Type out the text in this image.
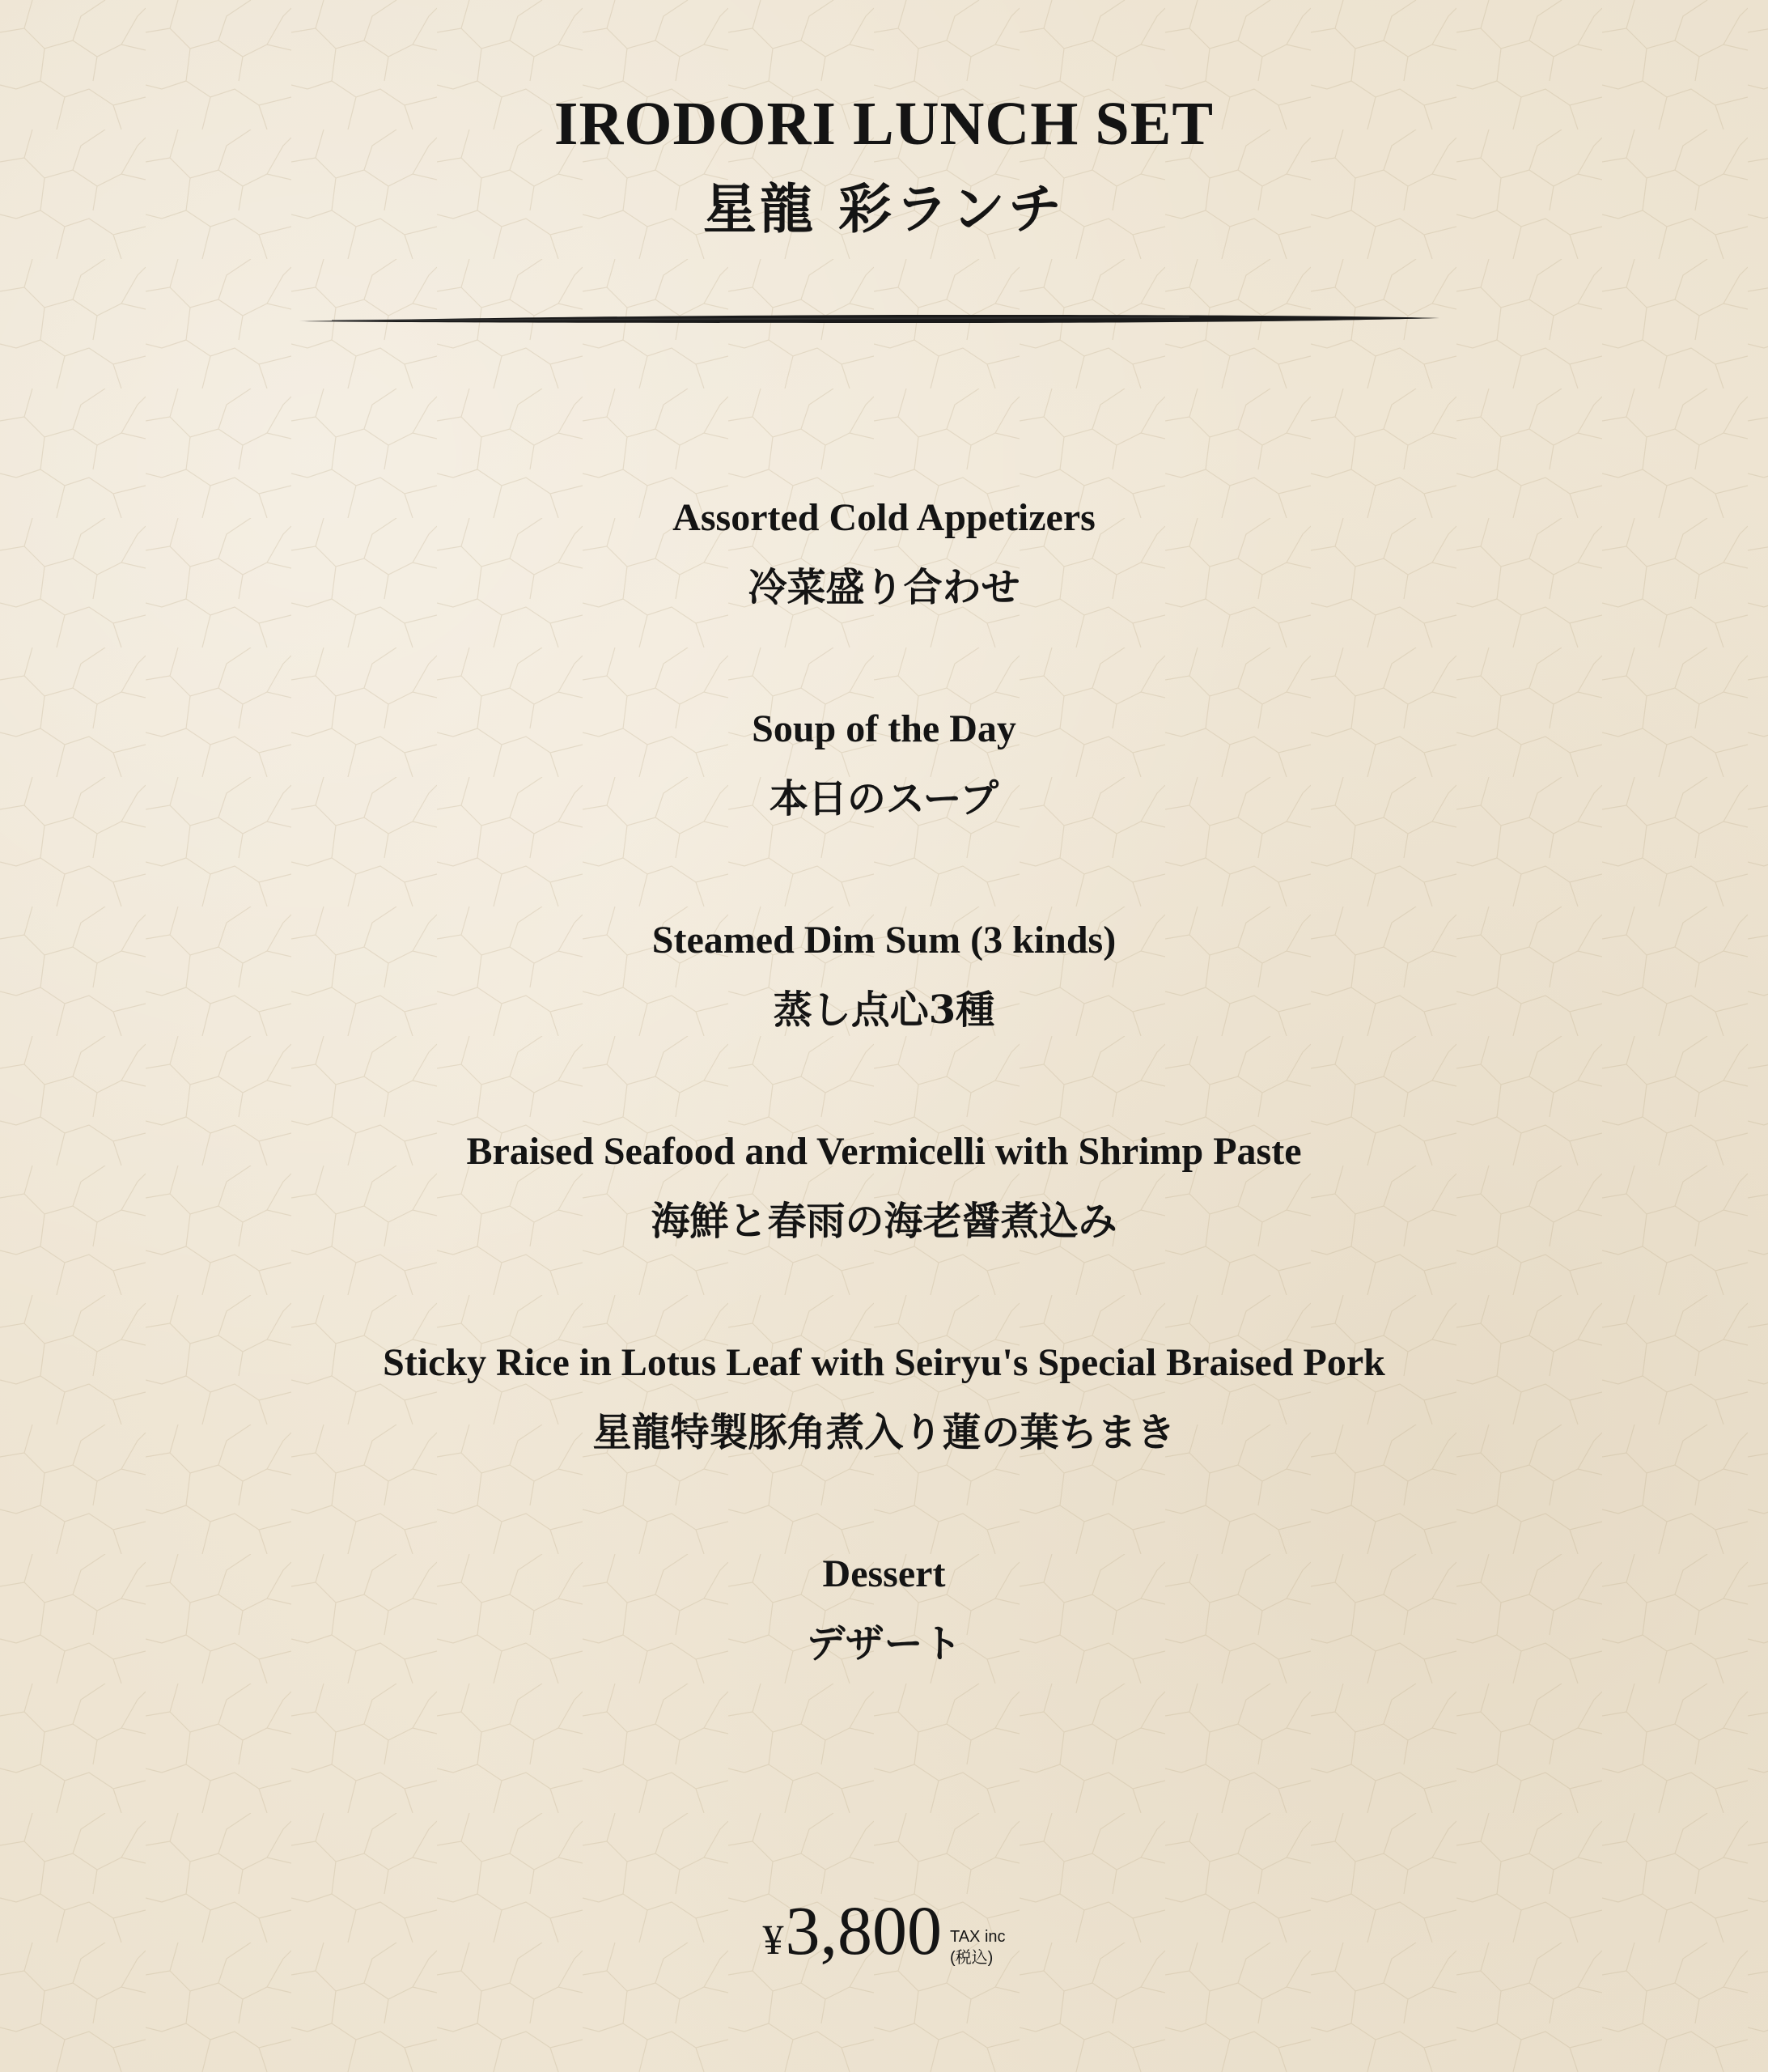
IRODORI LUNCH SET
星龍 彩ランチ
Assorted Cold Appetizers
冷菜盛り合わせ
Soup of the Day
本日のスープ
Steamed Dim Sum (3 kinds)
蒸し点心3種
Braised Seafood and Vermicelli with Shrimp Paste
海鮮と春雨の海老醤煮込み
Sticky Rice in Lotus Leaf with Seiryu's Special Braised Pork
星龍特製豚角煮入り蓮の葉ちまき
Dessert
デザート
¥ 3,800 TAX inc
(税込)
